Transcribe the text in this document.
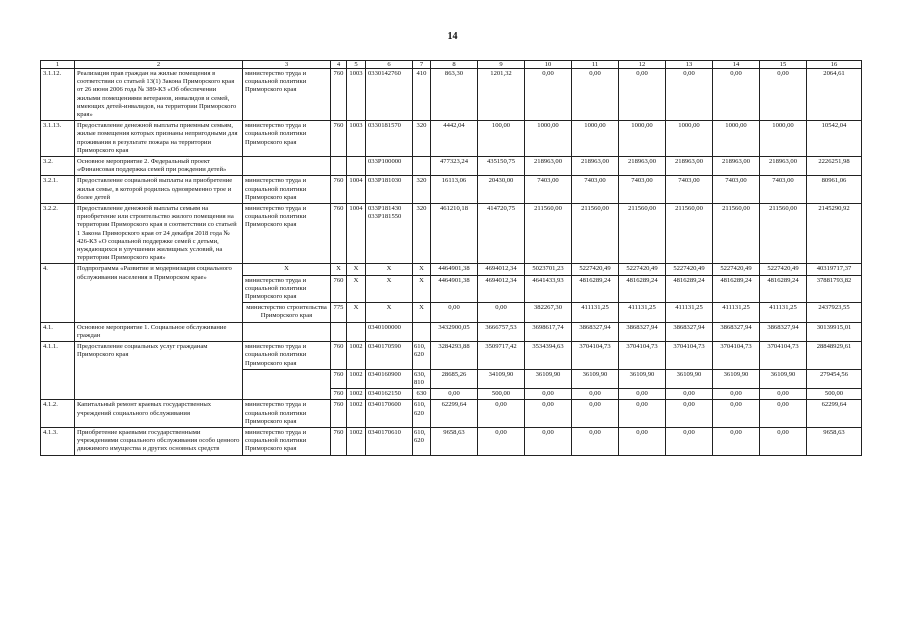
14
1	2	3	4	5	6	7	8	9	10	11	12	13	14	15	16
3.1.12.	Реализация прав граждан на жилые помещения в соответствии со статьей 13(1) Закона Приморского края от 26 июня 2006 года № 389-КЗ «Об обеспечении жилыми помещениями ветеранов, инвалидов и семей, имеющих детей-инвалидов, на территории Приморского края»	министерство труда и социальной политики Приморского края	760	1003	0330142760	410	863,30	1201,32	0,00	0,00	0,00	0,00	0,00	0,00	2064,61
3.1.13.	Предоставление денежной выплаты приемным семьям, жилые помещения которых признаны непригодными для проживания в результате пожара на территории Приморского края	министерство труда и социальной политики Приморского края	760	1003	0330181570	320	4442,04	100,00	1000,00	1000,00	1000,00	1000,00	1000,00	1000,00	10542,04
3.2.	Основное мероприятие 2. Федеральный проект «Финансовая поддержка семей при рождении детей»				033P100000		477323,24	435150,75	218963,00	218963,00	218963,00	218963,00	218963,00	218963,00	2226251,98
3.2.1.	Предоставление социальной выплаты на приобретение жилья семье, в которой родились одновременно трое и более детей	министерство труда и социальной политики Приморского края	760	1004	033P181030	320	16113,06	20430,00	7403,00	7403,00	7403,00	7403,00	7403,00	7403,00	80961,06
3.2.2.	Предоставление денежной выплаты семьям на приобретение или строительство жилого помещения на территории Приморского края в соответствии со статьей 1 Закона Приморского края от 24 декабря 2018 года № 426-КЗ «О социальной поддержке семей с детьми, нуждающихся в улучшении жилищных условий, на территории Приморского края»	министерство труда и социальной политики Приморского края	760	1004	033P181430 033P181550	320	461210,18	414720,75	211560,00	211560,00	211560,00	211560,00	211560,00	211560,00	2145290,92
4.	Подпрограмма «Развитие и модернизация социального обслуживания населения в Приморском крае»	X	X	X	X	X	4464901,38	4694012,34	5023701,23	5227420,49	5227420,49	5227420,49	5227420,49	5227420,49	40319717,37
		министерство труда и социальной политики Приморского края	760	X	X	X	4464901,38	4694012,34	4641433,93	4816289,24	4816289,24	4816289,24	4816289,24	4816289,24	37881793,82
		министерство строительства Приморского края	775	X	X	X	0,00	0,00	382267,30	411131,25	411131,25	411131,25	411131,25	411131,25	2437923,55
4.1.	Основное мероприятие 1. Социальное обслуживание граждан				0340100000		3432900,05	3666757,53	3698617,74	3868327,94	3868327,94	3868327,94	3868327,94	3868327,94	30139915,01
4.1.1.	Предоставление социальных услуг гражданам Приморского края	министерство труда и социальной политики Приморского края	760	1002	0340170590	610, 620	3284293,88	3509717,42	3534394,63	3704104,73	3704104,73	3704104,73	3704104,73	3704104,73	28848929,61
			760	1002	0340160900	630, 810	28685,26	34109,90	36109,90	36109,90	36109,90	36109,90	36109,90	36109,90	279454,56
			760	1002	0340162150	630	0,00	500,00	0,00	0,00	0,00	0,00	0,00	0,00	500,00
4.1.2.	Капитальный ремонт краевых государственных учреждений социального обслуживания	министерство труда и социальной политики Приморского края	760	1002	0340170600	610, 620	62299,64	0,00	0,00	0,00	0,00	0,00	0,00	0,00	62299,64
4.1.3.	Приобретение краевыми государственными учреждениями социального обслуживания особо ценного движимого имущества и других основных средств	министерство труда и социальной политики Приморского края	760	1002	0340170610	610, 620	9658,63	0,00	0,00	0,00	0,00	0,00	0,00	0,00	9658,63
